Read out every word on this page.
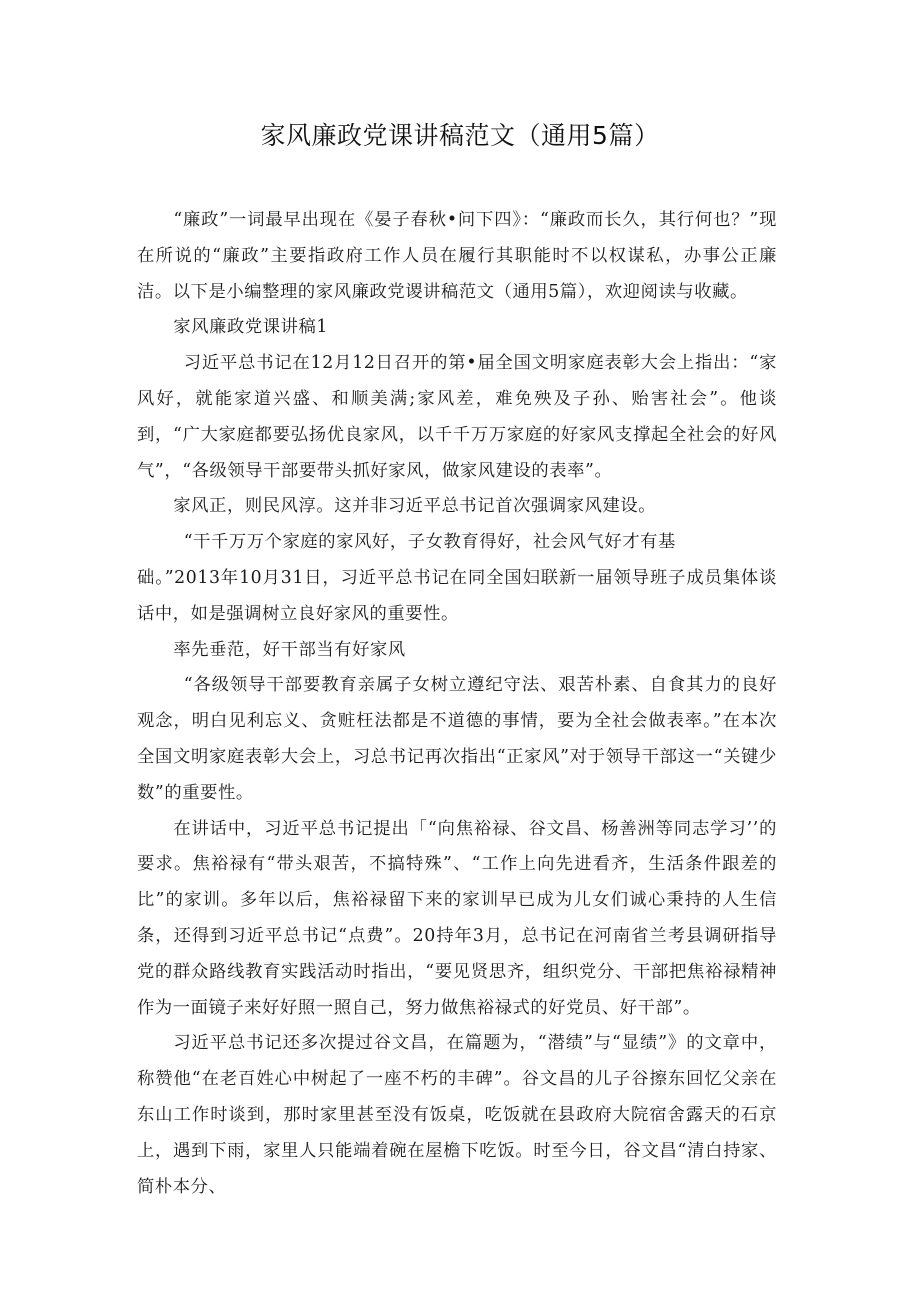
家风廉政党课讲稿范文（通用5篇）

“廉政”一词最早出现在《晏子春秋•问下四》：“廉政而长久，其行何也？”现在所说的“廉政”主要指政府工作人员在履行其职能时不以权谋私，办事公正廉洁。以下是小编整理的家风廉政党谡讲稿范文（通用5篇），欢迎阅读与收藏。

家风廉政党课讲稿1

习近平总书记在12月12日召开的第•届全国文明家庭表彰大会上指出：“家风好，就能家道兴盛、和顺美满;家风差，难免殃及子孙、贻害社会”。他谈到，“广大家庭都要弘扬优良家风，以千千万万家庭的好家风支撑起全社会的好风气”，“各级领导干部要带头抓好家风，做家风建设的表率”。

家风正，则民风淳。这并非习近平总书记首次强调家风建设。

“干千万万个家庭的家风好，子女教育得好，社会风气好才有基

础。”2013年10月31日，习近平总书记在同全国妇联新一届领导班子成员集体谈话中，如是强调树立良好家风的重要性。

率先垂范，好干部当有好家风

“各级领导干部要教育亲属子女树立遵纪守法、艰苦朴素、自食其力的良好观念，明白见利忘义、贪赃枉法都是不道德的事情，要为全社会做表率。”在本次全国文明家庭表彰大会上，习总书记再次指出“正家风”对于领导干部这一“关键少数”的重要性。

在讲话中，习近平总书记提出「“向焦裕禄、谷文昌、杨善洲等同志学习’’的要求。焦裕禄有“带头艰苦，不搞特殊”、“工作上向先进看齐，生活条件跟差的比”的家训。多年以后，焦裕禄留下来的家训早已成为儿女们诚心秉持的人生信条，还得到习近平总书记“点费”。20持年3月，总书记在河南省兰考县调研指导党的群众路线教育实践活动时指出，“要见贤思齐，组织党分、干部把焦裕禄精神作为一面镜子来好好照一照自己，努力做焦裕禄式的好党员、好干部”。

习近平总书记还多次提过谷文昌，在篇题为，“潜绩”与“显绩”》的文章中，称赞他“在老百姓心中树起了一座不朽的丰碑”。谷文昌的儿子谷擦东回忆父亲在东山工作时谈到，那时家里甚至没有饭桌，吃饭就在县政府大院宿舍露天的石京上，遇到下雨，家里人只能端着碗在屋檐下吃饭。时至今日，谷文昌“清白持家、简朴本分、
